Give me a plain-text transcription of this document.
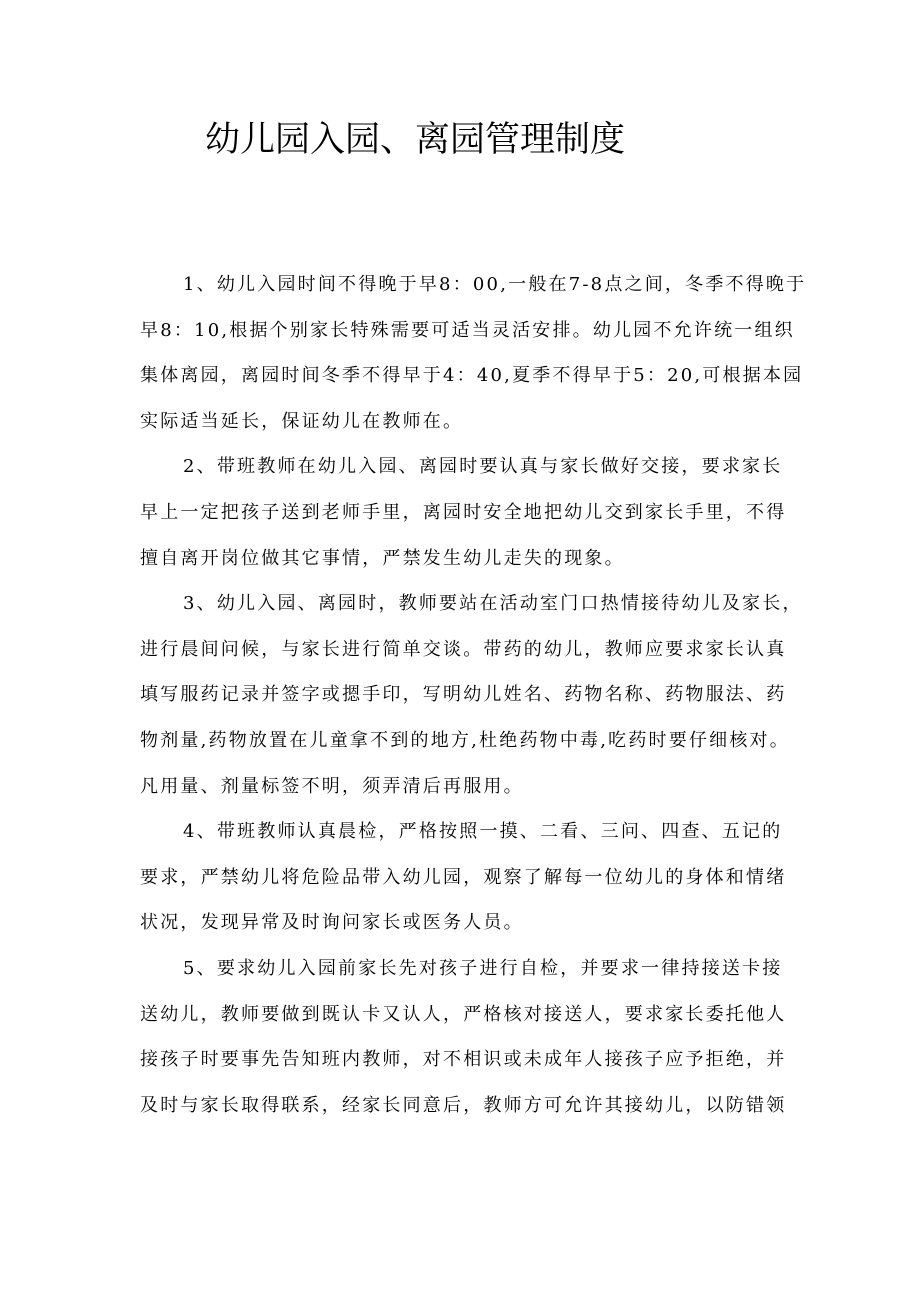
幼儿园入园、离园管理制度
1、幼儿入园时间不得晚于早8：00,一般在7-8点之间，冬季不得晚于
早8：10,根据个别家长特殊需要可适当灵活安排。幼儿园不允许统一组织
集体离园，离园时间冬季不得早于4：40,夏季不得早于5：20,可根据本园
实际适当延长，保证幼儿在教师在。
2、带班教师在幼儿入园、离园时要认真与家长做好交接，要求家长
早上一定把孩子送到老师手里，离园时安全地把幼儿交到家长手里，不得
擅自离开岗位做其它事情，严禁发生幼儿走失的现象。
3、幼儿入园、离园时，教师要站在活动室门口热情接待幼儿及家长，
进行晨间问候，与家长进行简单交谈。带药的幼儿，教师应要求家长认真
填写服药记录并签字或摁手印，写明幼儿姓名、药物名称、药物服法、药
物剂量,药物放置在儿童拿不到的地方,杜绝药物中毒,吃药时要仔细核对。
凡用量、剂量标签不明，须弄清后再服用。
4、带班教师认真晨检，严格按照一摸、二看、三问、四查、五记的
要求，严禁幼儿将危险品带入幼儿园，观察了解每一位幼儿的身体和情绪
状况，发现异常及时询问家长或医务人员。
5、要求幼儿入园前家长先对孩子进行自检，并要求一律持接送卡接
送幼儿，教师要做到既认卡又认人，严格核对接送人，要求家长委托他人
接孩子时要事先告知班内教师，对不相识或未成年人接孩子应予拒绝，并
及时与家长取得联系，经家长同意后，教师方可允许其接幼儿，以防错领
